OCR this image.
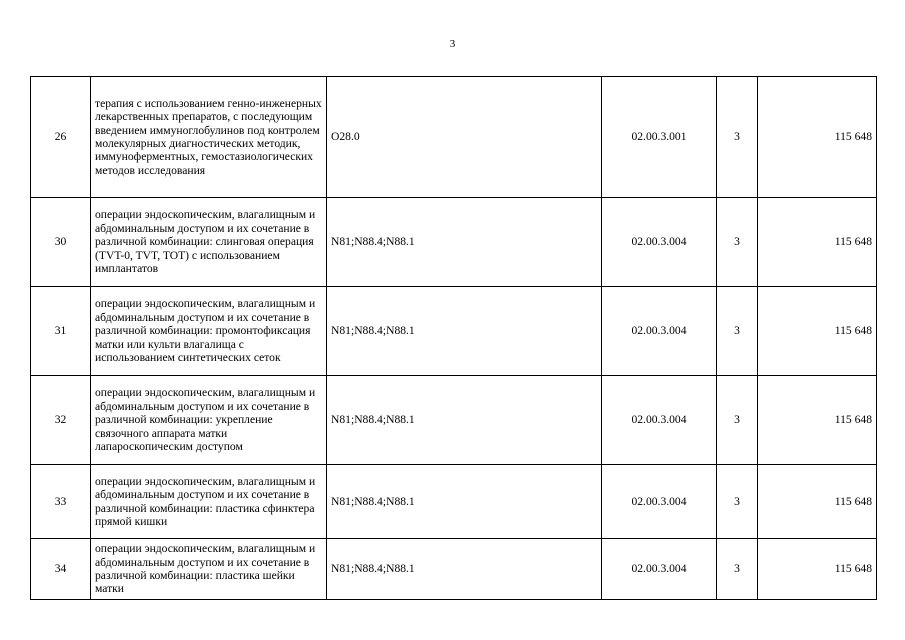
3
26	терапия с использованием генно-инженерных лекарственных препаратов, с последующим введением иммуноглобулинов под контролем молекулярных диагностических методик, иммуноферментных, гемостазиологических методов исследования	O28.0	02.00.3.001	3	115 648
30	операции эндоскопическим, влагалищным и абдоминальным доступом и их сочетание в различной комбинации: слинговая операция (TVT-0, TVT, TOT) с использованием имплантатов	N81;N88.4;N88.1	02.00.3.004	3	115 648
31	операции эндоскопическим, влагалищным и абдоминальным доступом и их сочетание в различной комбинации: промонтофиксация матки или культи влагалища с использованием синтетических сеток	N81;N88.4;N88.1	02.00.3.004	3	115 648
32	операции эндоскопическим, влагалищным и абдоминальным доступом и их сочетание в различной комбинации: укрепление связочного аппарата матки лапароскопическим доступом	N81;N88.4;N88.1	02.00.3.004	3	115 648
33	операции эндоскопическим, влагалищным и абдоминальным доступом и их сочетание в различной комбинации: пластика сфинктера прямой кишки	N81;N88.4;N88.1	02.00.3.004	3	115 648
34	операции эндоскопическим, влагалищным и абдоминальным доступом и их сочетание в различной комбинации: пластика шейки матки	N81;N88.4;N88.1	02.00.3.004	3	115 648
